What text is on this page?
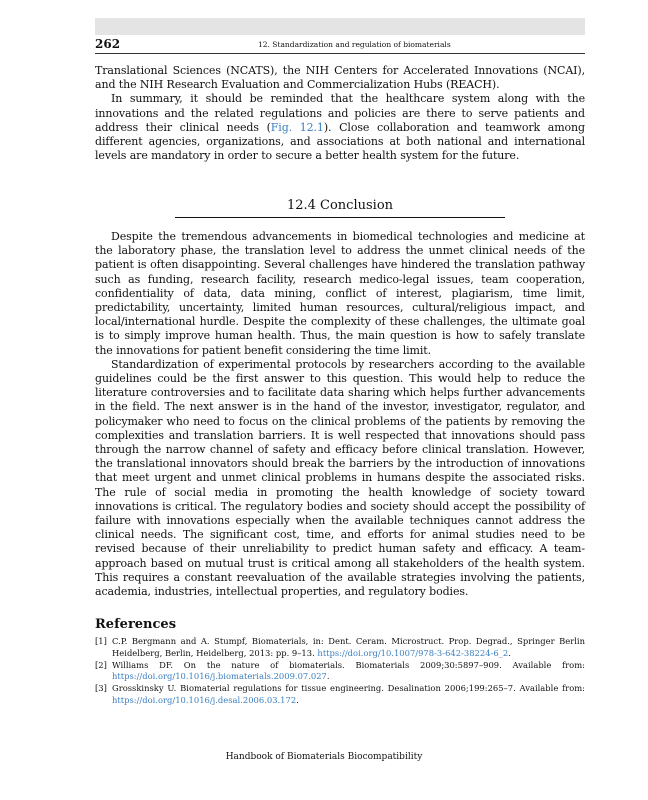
262	12. Standardization and regulation of biomaterials

Translational Sciences (NCATS), the NIH Centers for Accelerated Innovations (NCAI), and the NIH Research Evaluation and Commercialization Hubs (REACH).

In summary, it should be reminded that the healthcare system along with the innovations and the related regulations and policies are there to serve patients and address their clinical needs (Fig. 12.1). Close collaboration and teamwork among different agencies, organizations, and associations at both national and international levels are mandatory in order to secure a better health system for the future.

12.4 Conclusion

Despite the tremendous advancements in biomedical technologies and medicine at the laboratory phase, the translation level to address the unmet clinical needs of the patient is often disappointing. Several challenges have hindered the translation pathway such as funding, research facility, research medico-legal issues, team cooperation, confidentiality of data, data mining, conflict of interest, plagiarism, time limit, predictability, uncertainty, limited human resources, cultural/religious impact, and local/international hurdle. Despite the complexity of these challenges, the ultimate goal is to simply improve human health. Thus, the main question is how to safely translate the innovations for patient benefit considering the time limit.

Standardization of experimental protocols by researchers according to the available guidelines could be the first answer to this question. This would help to reduce the literature controversies and to facilitate data sharing which helps further advancements in the field. The next answer is in the hand of the investor, investigator, regulator, and policymaker who need to focus on the clinical problems of the patients by removing the complexities and translation barriers. It is well respected that innovations should pass through the narrow channel of safety and efficacy before clinical translation. However, the translational innovators should break the barriers by the introduction of innovations that meet urgent and unmet clinical problems in humans despite the associated risks. The rule of social media in promoting the health knowledge of society toward innovations is critical. The regulatory bodies and society should accept the possibility of failure with innovations especially when the available techniques cannot address the clinical needs. The significant cost, time, and efforts for animal studies need to be revised because of their unreliability to predict human safety and efficacy. A team-approach based on mutual trust is critical among all stakeholders of the health system. This requires a constant reevaluation of the available strategies involving the patients, academia, industries, intellectual properties, and regulatory bodies.

References
[1] C.P. Bergmann and A. Stumpf, Biomaterials, in: Dent. Ceram. Microstruct. Prop. Degrad., Springer Berlin Heidelberg, Berlin, Heidelberg, 2013: pp. 9–13. https://doi.org/10.1007/978-3-642-38224-6_2.
[2] Williams DF. On the nature of biomaterials. Biomaterials 2009;30:5897–909. Available from: https://doi.org/10.1016/j.biomaterials.2009.07.027.
[3] Grosskinsky U. Biomaterial regulations for tissue engineering. Desalination 2006;199:265–7. Available from: https://doi.org/10.1016/j.desal.2006.03.172.
Handbook of Biomaterials Biocompatibility
